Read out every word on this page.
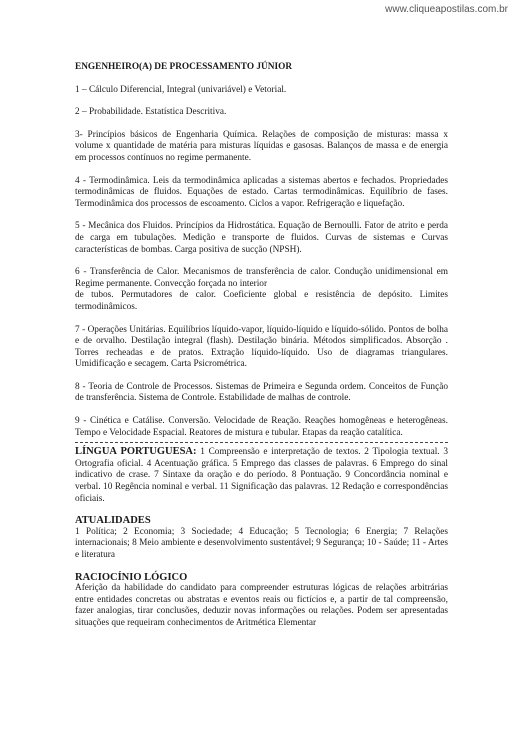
www.cliqueapostilas.com.br
ENGENHEIRO(A) DE PROCESSAMENTO JÚNIOR

1 – Cálculo Diferencial, Integral (univariável) e Vetorial.

2 – Probabilidade. Estatística Descritiva.

3- Princípios básicos de Engenharia Química. Relações de composição de misturas: massa x volume x quantidade de matéria para misturas líquidas e gasosas. Balanços de massa e de energia em processos contínuos no regime permanente.

4 - Termodinâmica. Leis da termodinâmica aplicadas a sistemas abertos e fechados. Propriedades termodinâmicas de fluidos. Equações de estado. Cartas termodinâmicas. Equilíbrio de fases. Termodinâmica dos processos de escoamento. Ciclos a vapor. Refrigeração e liquefação.

5 - Mecânica dos Fluidos. Princípios da Hidrostática. Equação de Bernoulli. Fator de atrito e perda de carga em tubulações. Medição e transporte de fluidos. Curvas de sistemas e Curvas características de bombas. Carga positiva de sucção (NPSH).

6 - Transferência de Calor. Mecanismos de transferência de calor. Condução unidimensional em Regime permanente. Convecção forçada no interior

de tubos. Permutadores de calor. Coeficiente global e resistência de depósito. Limites termodinâmicos.

7 - Operações Unitárias. Equilíbrios líquido-vapor, líquido-líquido e líquido-sólido. Pontos de bolha e de orvalho. Destilação integral (flash). Destilação binária. Métodos simplificados. Absorção . Torres recheadas e de pratos. Extração líquido-líquido. Uso de diagramas triangulares. Umidificação e secagem. Carta Psicrométrica.

8 - Teoria de Controle de Processos. Sistemas de Primeira e Segunda ordem. Conceitos de Função de transferência. Sistema de Controle. Estabilidade de malhas de controle.

9 - Cinética e Catálise. Conversão. Velocidade de Reação. Reações homogêneas e heterogêneas. Tempo e Velocidade Espacial. Reatores de mistura e tubular. Etapas da reação catalítica.

LÍNGUA PORTUGUESA: 1 Compreensão e interpretação de textos. 2 Tipologia textual. 3 Ortografia oficial. 4 Acentuação gráfica. 5 Emprego das classes de palavras. 6 Emprego do sinal indicativo de crase. 7 Sintaxe da oração e do período. 8 Pontuação. 9 Concordância nominal e verbal. 10 Regência nominal e verbal. 11 Significação das palavras. 12 Redação e correspondências oficiais.
ATUALIDADES
1 Política; 2 Economia; 3 Sociedade; 4 Educação; 5 Tecnologia; 6 Energia; 7 Relações internacionais; 8 Meio ambiente e desenvolvimento sustentável; 9 Segurança; 10 - Saúde; 11 - Artes e literatura
RACIOCÍNIO LÓGICO
Aferição da habilidade do candidato para compreender estruturas lógicas de relações arbitrárias entre entidades concretas ou abstratas e eventos reais ou fictícios e, a partir de tal compreensão, fazer analogias, tirar conclusões, deduzir novas informações ou relações. Podem ser apresentadas situações que requeiram conhecimentos de Aritmética Elementar
